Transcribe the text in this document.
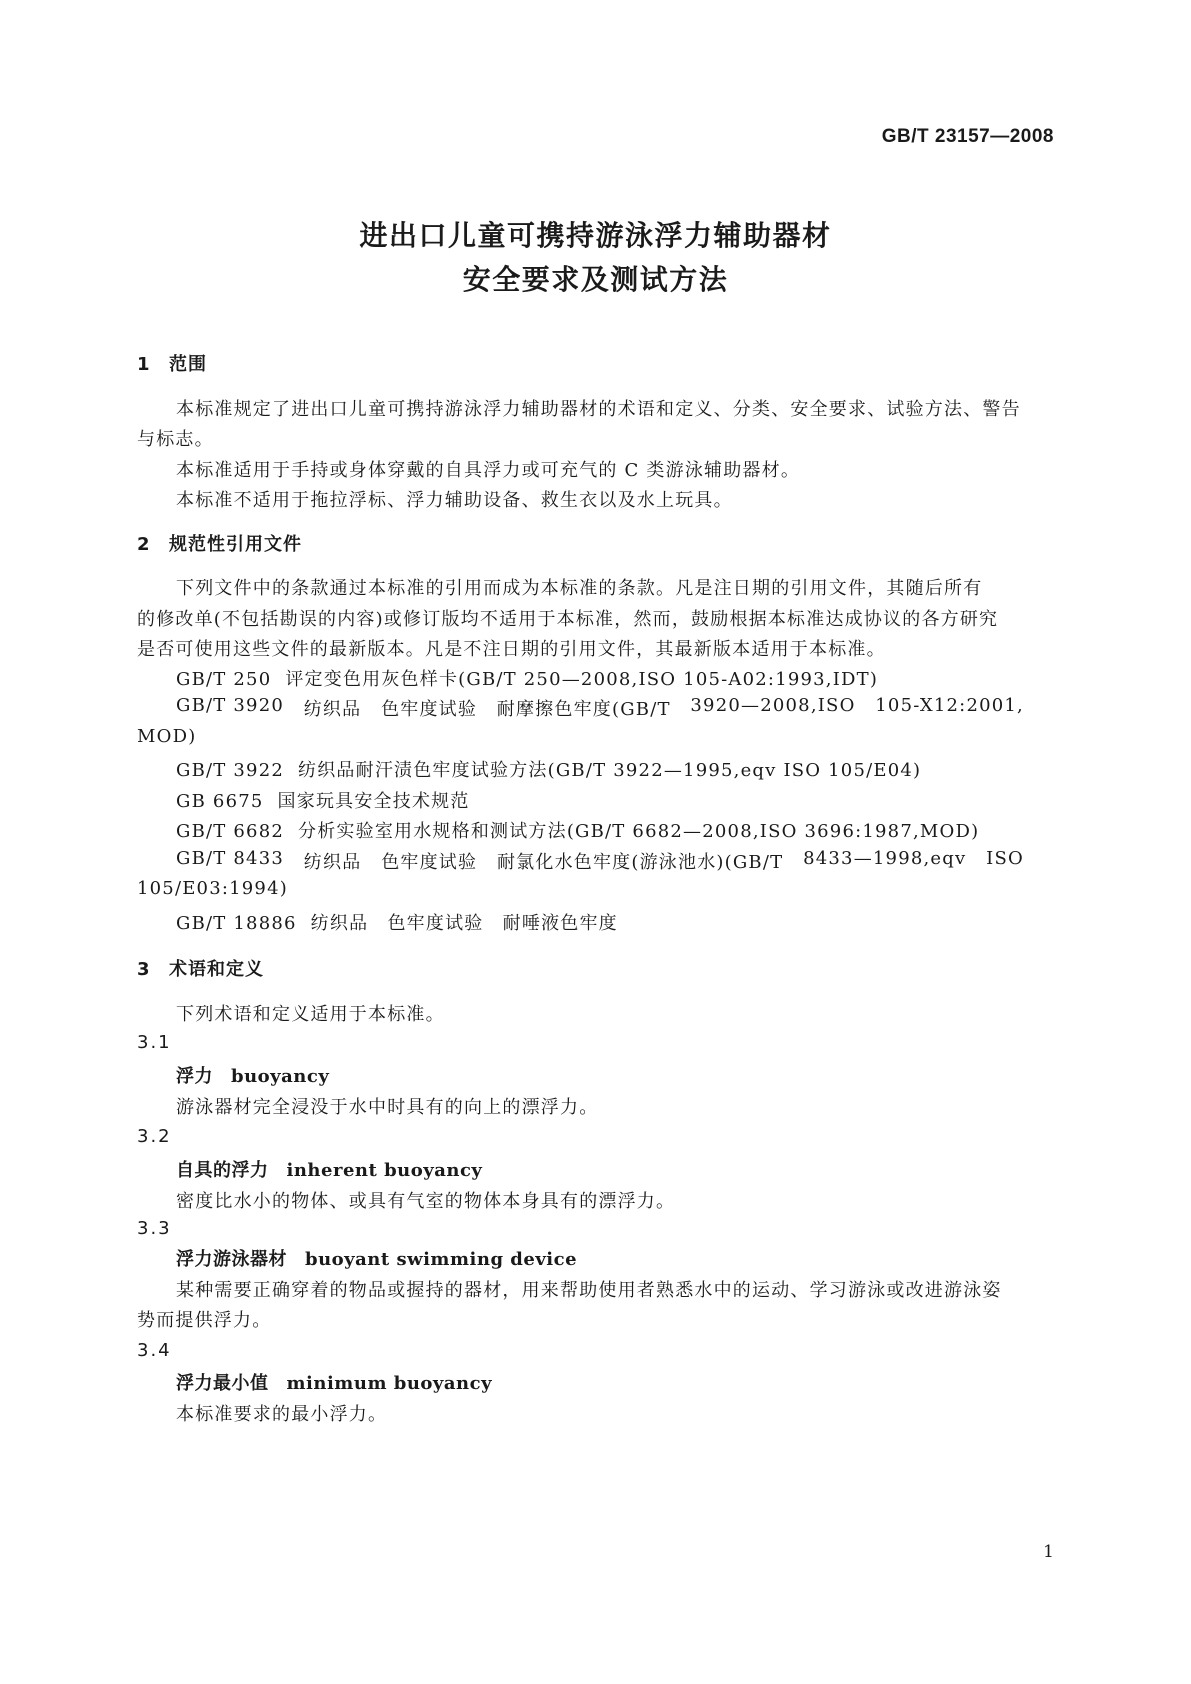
GB/T 23157—2008
进出口儿童可携持游泳浮力辅助器材
安全要求及测试方法
1 范围
本标准规定了进出口儿童可携持游泳浮力辅助器材的术语和定义、分类、安全要求、试验方法、警告
与标志。
本标准适用于手持或身体穿戴的自具浮力或可充气的 C 类游泳辅助器材。
本标准不适用于拖拉浮标、浮力辅助设备、救生衣以及水上玩具。
2 规范性引用文件
下列文件中的条款通过本标准的引用而成为本标准的条款。凡是注日期的引用文件，其随后所有
的修改单(不包括勘误的内容)或修订版均不适用于本标准，然而，鼓励根据本标准达成协议的各方研究
是否可使用这些文件的最新版本。凡是不注日期的引用文件，其最新版本适用于本标准。
GB/T 250 评定变色用灰色样卡(GB/T 250—2008,ISO 105-A02:1993,IDT)
GB/T 3920 纺织品 色牢度试验 耐摩擦色牢度(GB/T 3920—2008,ISO 105-X12:2001,
MOD)
GB/T 3922 纺织品耐汗渍色牢度试验方法(GB/T 3922—1995,eqv ISO 105/E04)
GB 6675 国家玩具安全技术规范
GB/T 6682 分析实验室用水规格和测试方法(GB/T 6682—2008,ISO 3696:1987,MOD)
GB/T 8433 纺织品 色牢度试验 耐氯化水色牢度(游泳池水)(GB/T 8433—1998,eqv ISO
105/E03:1994)
GB/T 18886 纺织品　色牢度试验　耐唾液色牢度
3 术语和定义
下列术语和定义适用于本标准。
3.1
浮力 buoyancy
游泳器材完全浸没于水中时具有的向上的漂浮力。
3.2
自具的浮力 inherent buoyancy
密度比水小的物体、或具有气室的物体本身具有的漂浮力。
3.3
浮力游泳器材 buoyant swimming device
某种需要正确穿着的物品或握持的器材，用来帮助使用者熟悉水中的运动、学习游泳或改进游泳姿
势而提供浮力。
3.4
浮力最小值 minimum buoyancy
本标准要求的最小浮力。
1
